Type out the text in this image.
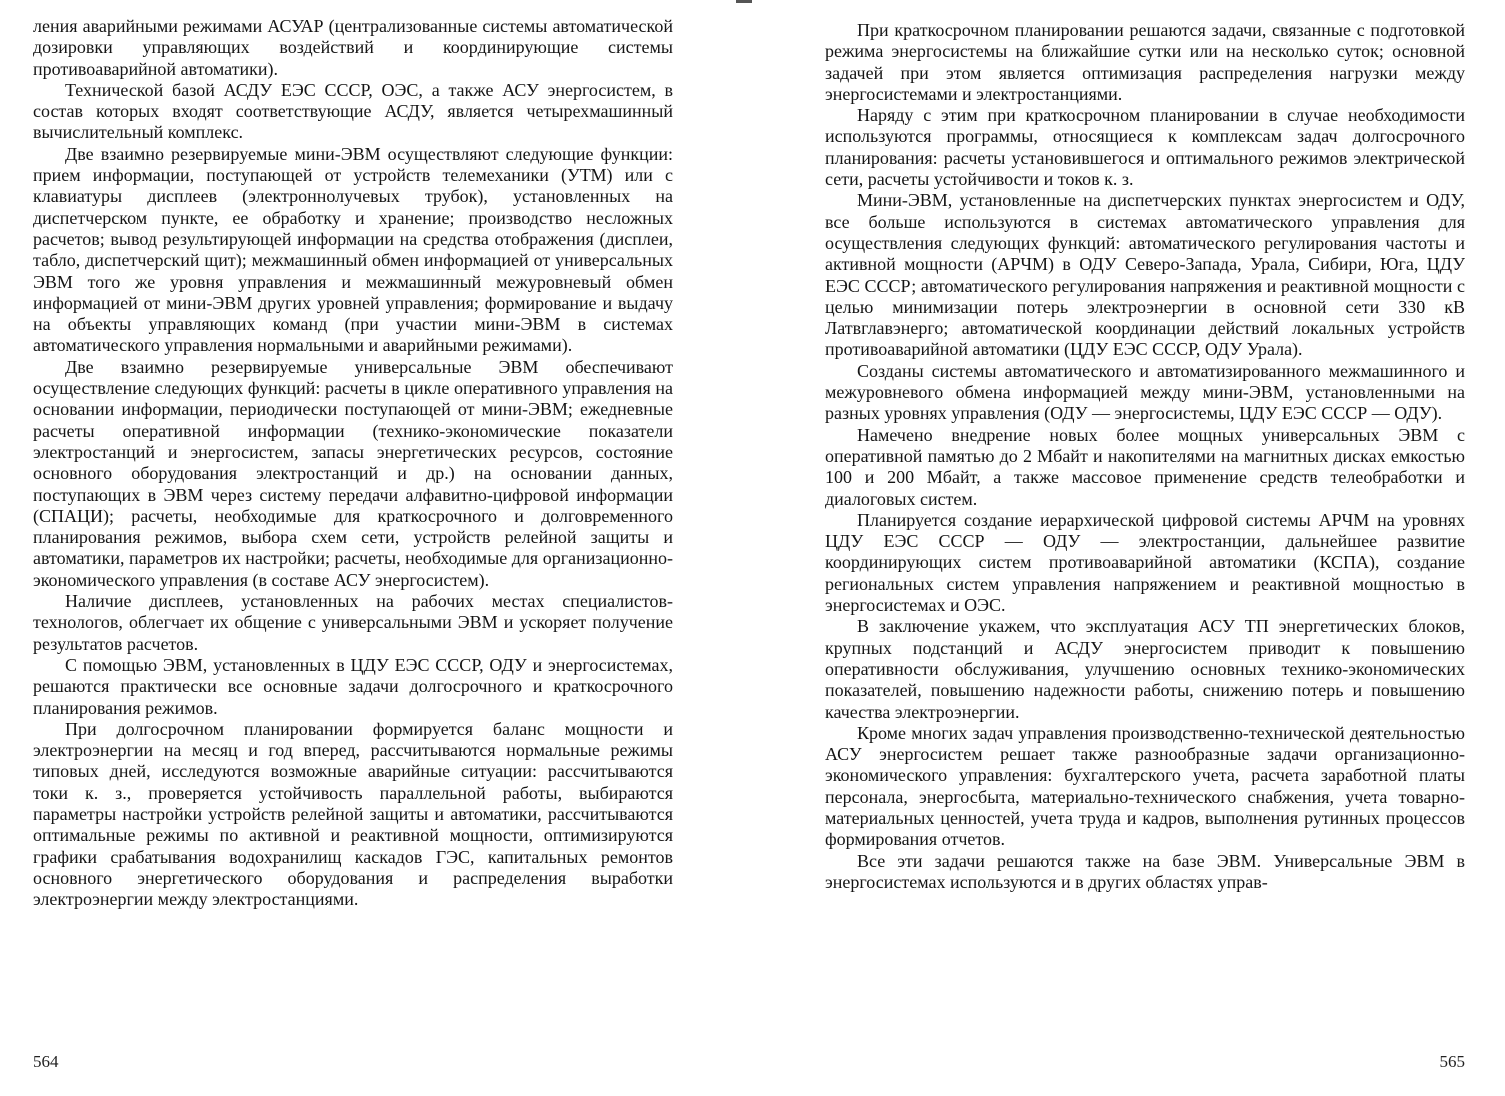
ления аварийными режимами АСУАР (централизованные системы автоматической дозировки управляющих воздействий и координирующие системы противоаварийной автоматики).

Технической базой АСДУ ЕЭС СССР, ОЭС, а также АСУ энергосистем, в состав которых входят соответствующие АСДУ, является четырехмашинный вычислительный комплекс.

Две взаимно резервируемые мини-ЭВМ осуществляют следующие функции: прием информации, поступающей от устройств телемеханики (УТМ) или с клавиатуры дисплеев (электроннолучевых трубок), установленных на диспетчерском пункте, ее обработку и хранение; производство несложных расчетов; вывод результирующей информации на средства отображения (дисплеи, табло, диспетчерский щит); межмашинный обмен информацией от универсальных ЭВМ того же уровня управления и межмашинный межуровневый обмен информацией от мини-ЭВМ других уровней управления; формирование и выдачу на объекты управляющих команд (при участии мини-ЭВМ в системах автоматического управления нормальными и аварийными режимами).

Две взаимно резервируемые универсальные ЭВМ обеспечивают осуществление следующих функций: расчеты в цикле оперативного управления на основании информации, периодически поступающей от мини-ЭВМ; ежедневные расчеты оперативной информации (технико-экономические показатели электростанций и энергосистем, запасы энергетических ресурсов, состояние основного оборудования электростанций и др.) на основании данных, поступающих в ЭВМ через систему передачи алфавитно-цифровой информации (СПАЦИ); расчеты, необходимые для краткосрочного и долговременного планирования режимов, выбора схем сети, устройств релейной защиты и автоматики, параметров их настройки; расчеты, необходимые для организационно-экономического управления (в составе АСУ энергосистем).

Наличие дисплеев, установленных на рабочих местах специалистов-технологов, облегчает их общение с универсальными ЭВМ и ускоряет получение результатов расчетов.

С помощью ЭВМ, установленных в ЦДУ ЕЭС СССР, ОДУ и энергосистемах, решаются практически все основные задачи долгосрочного и краткосрочного планирования режимов.

При долгосрочном планировании формируется баланс мощности и электроэнергии на месяц и год вперед, рассчитываются нормальные режимы типовых дней, исследуются возможные аварийные ситуации: рассчитываются токи к. з., проверяется устойчивость параллельной работы, выбираются параметры настройки устройств релейной защиты и автоматики, рассчитываются оптимальные режимы по активной и реактивной мощности, оптимизируются графики срабатывания водохранилищ каскадов ГЭС, капитальных ремонтов основного энергетического оборудования и распределения выработки электроэнергии между электростанциями.

564

При краткосрочном планировании решаются задачи, связанные с подготовкой режима энергосистемы на ближайшие сутки или на несколько суток; основной задачей при этом является оптимизация распределения нагрузки между энергосистемами и электростанциями.

Наряду с этим при краткосрочном планировании в случае необходимости используются программы, относящиеся к комплексам задач долгосрочного планирования: расчеты установившегося и оптимального режимов электрической сети, расчеты устойчивости и токов к. з.

Мини-ЭВМ, установленные на диспетчерских пунктах энергосистем и ОДУ, все больше используются в системах автоматического управления для осуществления следующих функций: автоматического регулирования частоты и активной мощности (АРЧМ) в ОДУ Северо-Запада, Урала, Сибири, Юга, ЦДУ ЕЭС СССР; автоматического регулирования напряжения и реактивной мощности с целью минимизации потерь электроэнергии в основной сети 330 кВ Латвглавэнерго; автоматической координации действий локальных устройств противоаварийной автоматики (ЦДУ ЕЭС СССР, ОДУ Урала).

Созданы системы автоматического и автоматизированного межмашинного и межуровневого обмена информацией между мини-ЭВМ, установленными на разных уровнях управления (ОДУ — энергосистемы, ЦДУ ЕЭС СССР — ОДУ).

Намечено внедрение новых более мощных универсальных ЭВМ с оперативной памятью до 2 Мбайт и накопителями на магнитных дисках емкостью 100 и 200 Мбайт, а также массовое применение средств телеобработки и диалоговых систем.

Планируется создание иерархической цифровой системы АРЧМ на уровнях ЦДУ ЕЭС СССР — ОДУ — электростанции, дальнейшее развитие координирующих систем противоаварийной автоматики (КСПА), создание региональных систем управления напряжением и реактивной мощностью в энергосистемах и ОЭС.

В заключение укажем, что эксплуатация АСУ ТП энергетических блоков, крупных подстанций и АСДУ энергосистем приводит к повышению оперативности обслуживания, улучшению основных технико-экономических показателей, повышению надежности работы, снижению потерь и повышению качества электроэнергии.

Кроме многих задач управления производственно-технической деятельностью АСУ энергосистем решает также разнообразные задачи организационно-экономического управления: бухгалтерского учета, расчета заработной платы персонала, энергосбыта, материально-технического снабжения, учета товарно-материальных ценностей, учета труда и кадров, выполнения рутинных процессов формирования отчетов.

Все эти задачи решаются также на базе ЭВМ. Универсальные ЭВМ в энергосистемах используются и в других областях управ-

565
